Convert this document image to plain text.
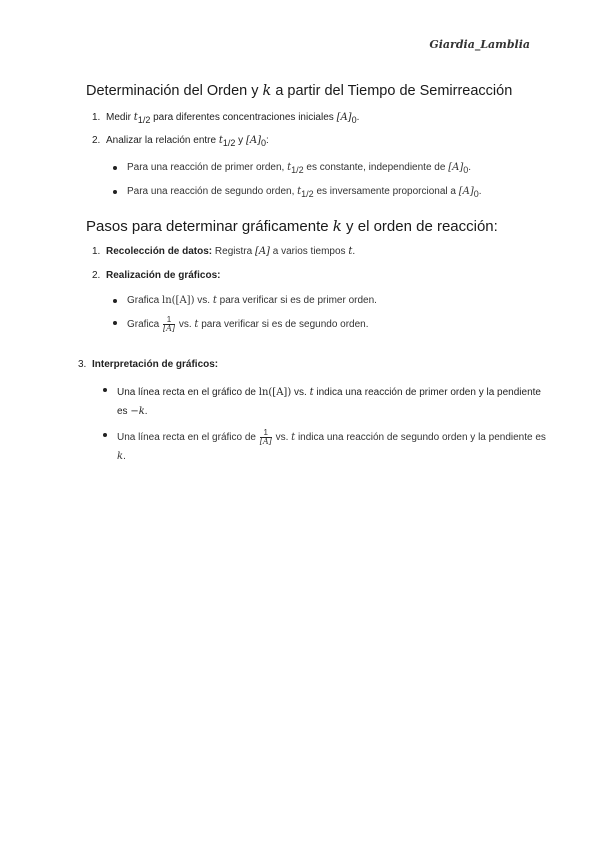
Giardia_Lamblia
Determinación del Orden y k a partir del Tiempo de Semirreacción
1. Medir $t_{1/2}$ para diferentes concentraciones iniciales $[A]_0$.
2. Analizar la relación entre $t_{1/2}$ y $[A]_0$:
Para una reacción de primer orden, $t_{1/2}$ es constante, independiente de $[A]_0$.
Para una reacción de segundo orden, $t_{1/2}$ es inversamente proporcional a $[A]_0$.
Pasos para determinar gráficamente k y el orden de reacción:
1. Recolección de datos: Registra [A] a varios tiempos t.
2. Realización de gráficos:
Grafica ln([A]) vs. t para verificar si es de primer orden.
Grafica $\frac{1}{[A]}$ vs. t para verificar si es de segundo orden.
3. Interpretación de gráficos:
Una línea recta en el gráfico de ln([A]) vs. t indica una reacción de primer orden y la pendiente es −k.
Una línea recta en el gráfico de $\frac{1}{[A]}$ vs. t indica una reacción de segundo orden y la pendiente es k.
